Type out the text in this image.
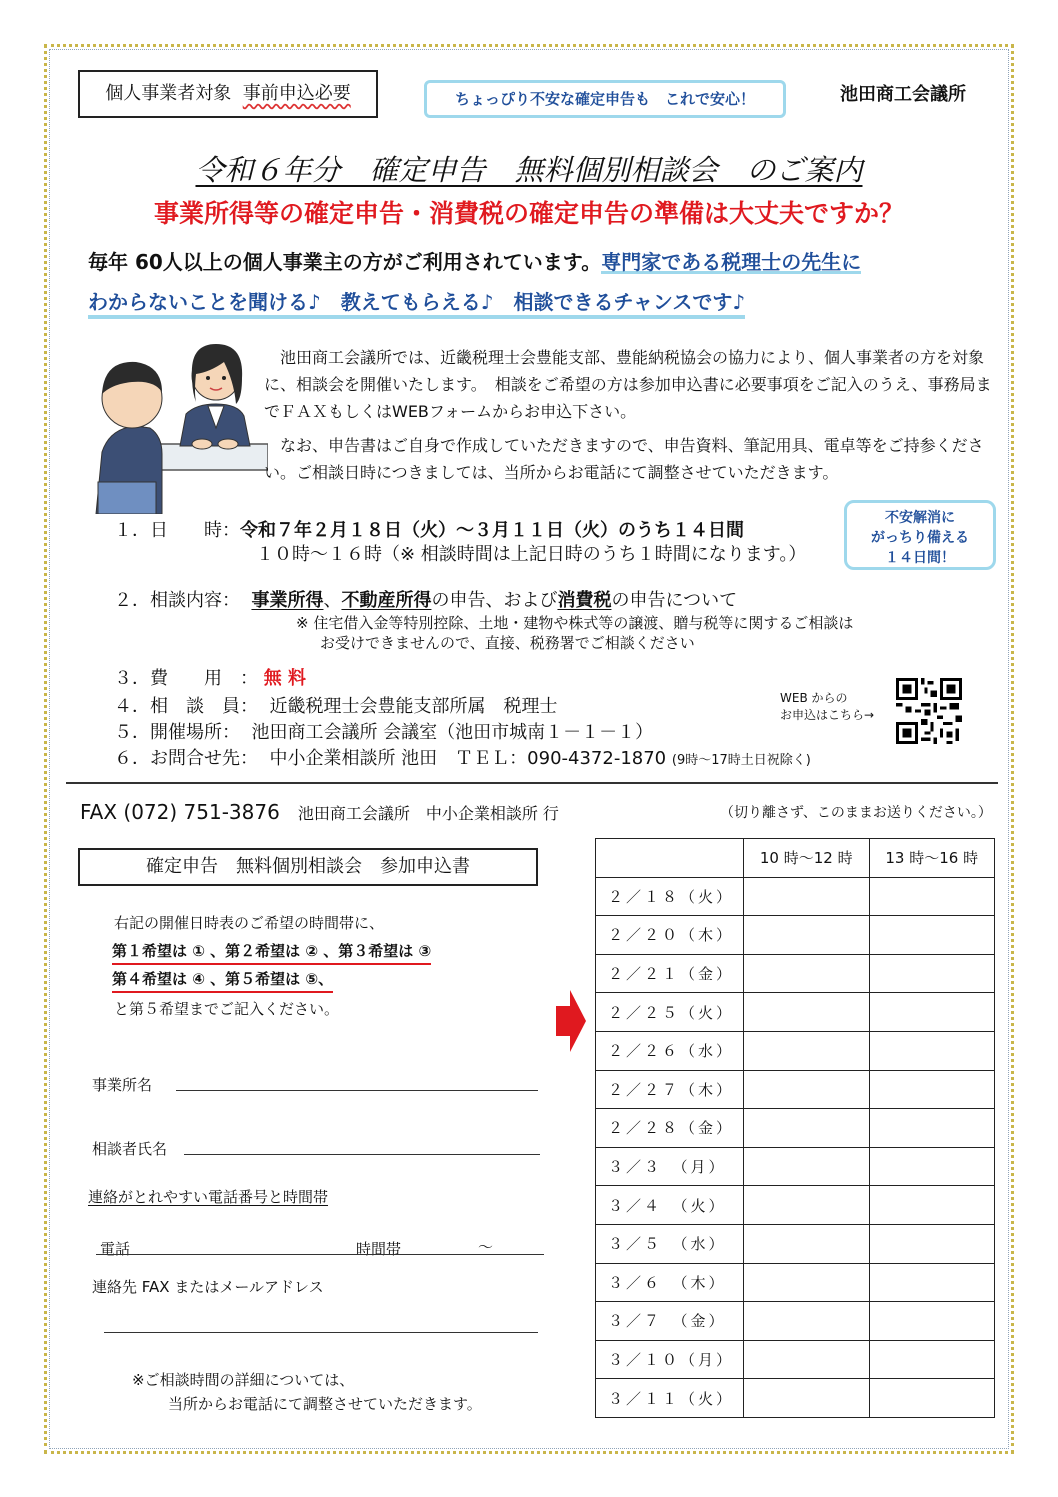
個人事業者対象 事前申込必要	ちょっぴり不安な確定申告も　これで安心！	池田商工会議所
令和６年分　確定申告　無料個別相談会　のご案内
事業所得等の確定申告・消費税の確定申告の準備は大丈夫ですか？
毎年 60人以上の個人事業主の方がご利用されています。専門家である税理士の先生に
わからないことを聞ける♪　教えてもらえる♪　相談できるチャンスです♪
池田商工会議所では、近畿税理士会豊能支部、豊能納税協会の協力により、個人事業者の方を対象に、相談会を開催いたします。　相談をご希望の方は参加申込書に必要事項をご記入のうえ、事務局までＦＡＸもしくはWEBフォームからお申込下さい。
なお、申告書はご自身で作成していただきますので、申告資料、筆記用具、電卓等をご持参ください。ご相談日時につきましては、当所からお電話にて調整させていただきます。
１．日　　時：令和７年２月１８日（火）～３月１１日（火）のうち１４日間
１０時～１６時（※ 相談時間は上記日時のうち１時間になります。）
不安解消に
がっちり備える
１４日間！
２．相談内容： 事業所得、不動産所得の申告、および消費税の申告について
※ 住宅借入金等特別控除、土地・建物や株式等の譲渡、贈与税等に関するご相談は
お受けできませんので、直接、税務署でご相談ください
３．費　　用　： 無 料
４．相　談　員： 近畿税理士会豊能支部所属　税理士
５．開催場所： 池田商工会議所 会議室（池田市城南１－１－１）
６．お問合せ先： 中小企業相談所 池田　ＴＥＬ：090-4372-1870 (9時～17時土日祝除く)
WEB からの
お申込はこちら→
FAX (072) 751-3876 池田商工会議所　中小企業相談所 行	（切り離さず、このままお送りください。）
確定申告　無料個別相談会　参加申込書
右記の開催日時表のご希望の時間帯に、
第１希望は ① 、第２希望は ② 、第３希望は ③
第４希望は ④ 、第５希望は ⑤、
と第５希望までご記入ください。
事業所名
相談者氏名
連絡がとれやすい電話番号と時間帯
電話	時間帯	～
連絡先 FAX またはメールアドレス
※ご相談時間の詳細については、
当所からお電話にて調整させていただきます。
	10 時～12 時	13 時～16 時
２／１８（火）		
２／２０（木）		
２／２１（金）		
２／２５（火）		
２／２６（水）		
２／２７（木）		
２／２８（金）		
３／３　（月）		
３／４　（火）		
３／５　（水）		
３／６　（木）		
３／７　（金）		
３／１０（月）		
３／１１（火）		
